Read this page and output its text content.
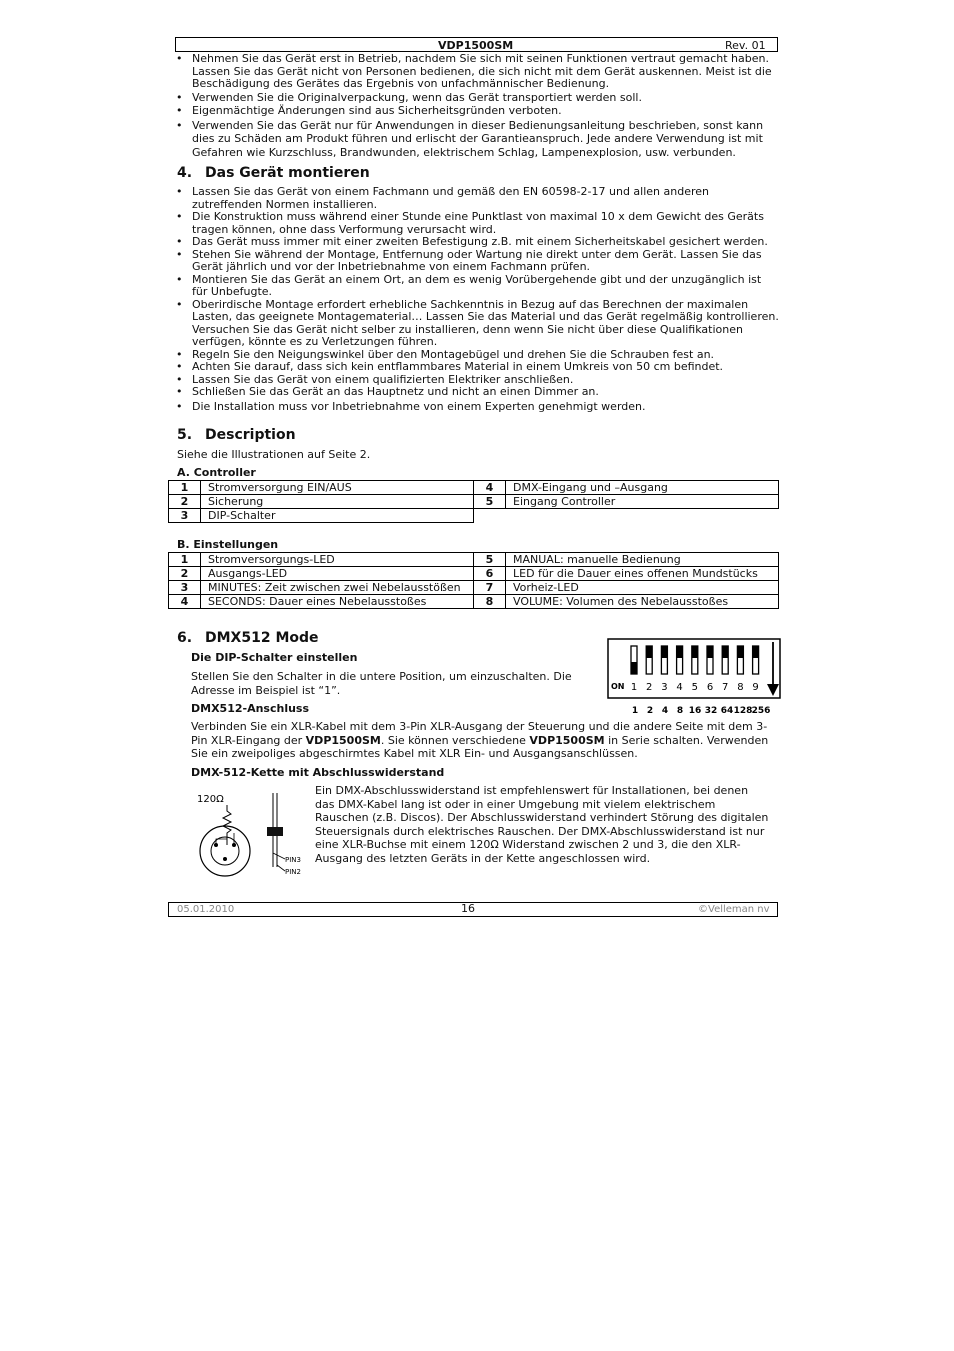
VDP1500SM	Rev. 01
• Nehmen Sie das Gerät erst in Betrieb, nachdem Sie sich mit seinen Funktionen vertraut gemacht haben. Lassen Sie das Gerät nicht von Personen bedienen, die sich nicht mit dem Gerät auskennen. Meist ist die Beschädigung des Gerätes das Ergebnis von unfachmännischer Bedienung.
• Verwenden Sie die Originalverpackung, wenn das Gerät transportiert werden soll.
• Eigenmächtige Änderungen sind aus Sicherheitsgründen verboten.
• Verwenden Sie das Gerät nur für Anwendungen in dieser Bedienungsanleitung beschrieben, sonst kann dies zu Schäden am Produkt führen und erlischt der Garantieanspruch. Jede andere Verwendung ist mit Gefahren wie Kurzschluss, Brandwunden, elektrischem Schlag, Lampenexplosion, usw. verbunden.
4. Das Gerät montieren
• Lassen Sie das Gerät von einem Fachmann und gemäß den EN 60598-2-17 und allen anderen zutreffenden Normen installieren.
• Die Konstruktion muss während einer Stunde eine Punktlast von maximal 10 x dem Gewicht des Geräts tragen können, ohne dass Verformung verursacht wird.
• Das Gerät muss immer mit einer zweiten Befestigung z.B. mit einem Sicherheitskabel gesichert werden.
• Stehen Sie während der Montage, Entfernung oder Wartung nie direkt unter dem Gerät. Lassen Sie das Gerät jährlich und vor der Inbetriebnahme von einem Fachmann prüfen.
• Montieren Sie das Gerät an einem Ort, an dem es wenig Vorübergehende gibt und der unzugänglich ist für Unbefugte.
• Oberirdische Montage erfordert erhebliche Sachkenntnis in Bezug auf das Berechnen der maximalen Lasten, das geeignete Montagematerial… Lassen Sie das Material und das Gerät regelmäßig kontrollieren. Versuchen Sie das Gerät nicht selber zu installieren, denn wenn Sie nicht über diese Qualifikationen verfügen, könnte es zu Verletzungen führen.
• Regeln Sie den Neigungswinkel über den Montagebügel und drehen Sie die Schrauben fest an.
• Achten Sie darauf, dass sich kein entflammbares Material in einem Umkreis von 50 cm befindet.
• Lassen Sie das Gerät von einem qualifizierten Elektriker anschließen.
• Schließen Sie das Gerät an das Hauptnetz und nicht an einen Dimmer an.
• Die Installation muss vor Inbetriebnahme von einem Experten genehmigt werden.
5. Description
Siehe die Illustrationen auf Seite 2.
A. Controller
1	Stromversorgung EIN/AUS	4	DMX-Eingang und –Ausgang
2	Sicherung	5	Eingang Controller
3	DIP-Schalter		
B. Einstellungen
1	Stromversorgungs-LED	5	MANUAL: manuelle Bedienung
2	Ausgangs-LED	6	LED für die Dauer eines offenen Mundstücks
3	MINUTES: Zeit zwischen zwei Nebelausstößen	7	Vorheiz-LED
4	SECONDS: Dauer eines Nebelausstoßes	8	VOLUME: Volumen des Nebelausstoßes
6. DMX512 Mode
Die DIP-Schalter einstellen
Stellen Sie den Schalter in die untere Position, um einzuschalten. Die Adresse im Beispiel ist “1”.	ON 1 2 3 4 5 6 7 8 9
1 2 4 8 16 32 64 128 256
DMX512-Anschluss
Verbinden Sie ein XLR-Kabel mit dem 3-Pin XLR-Ausgang der Steuerung und die andere Seite mit dem 3-Pin XLR-Eingang der VDP1500SM. Sie können verschiedene VDP1500SM in Serie schalten. Verwenden Sie ein zweipoliges abgeschirmtes Kabel mit XLR Ein- und Ausgangsanschlüssen.
DMX-512-Kette mit Abschlusswiderstand
120Ω
PIN3
PIN2
Ein DMX-Abschlusswiderstand ist empfehlenswert für Installationen, bei denen das DMX-Kabel lang ist oder in einer Umgebung mit vielem elektrischem Rauschen (z.B. Discos). Der Abschlusswiderstand verhindert Störung des digitalen Steuersignals durch elektrisches Rauschen. Der DMX-Abschlusswiderstand ist nur eine XLR-Buchse mit einem 120Ω Widerstand zwischen 2 und 3, die den XLR-Ausgang des letzten Geräts in der Kette angeschlossen wird.
05.01.2010	16	©Velleman nv
